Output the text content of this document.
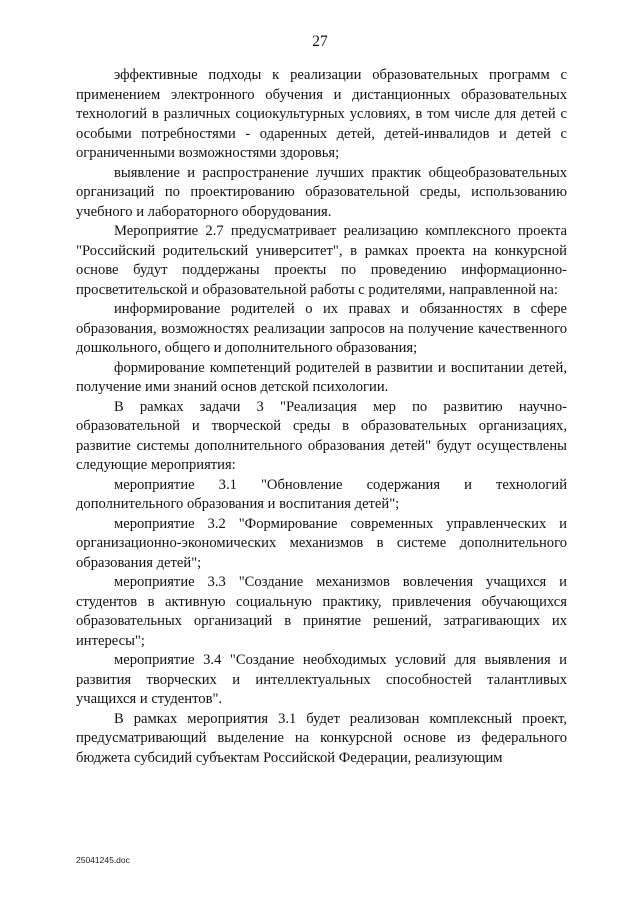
27

эффективные подходы к реализации образовательных программ с применением электронного обучения и дистанционных образовательных технологий в различных социокультурных условиях, в том числе для детей с особыми потребностями - одаренных детей, детей-инвалидов и детей с ограниченными возможностями здоровья;

выявление и распространение лучших практик общеобразовательных организаций по проектированию образовательной среды, использованию учебного и лабораторного оборудования.

Мероприятие 2.7 предусматривает реализацию комплексного проекта "Российский родительский университет", в рамках проекта на конкурсной основе будут поддержаны проекты по проведению информационно-просветительской и образовательной работы с родителями, направленной на:

информирование родителей о их правах и обязанностях в сфере образования, возможностях реализации запросов на получение качественного дошкольного, общего и дополнительного образования;

формирование компетенций родителей в развитии и воспитании детей, получение ими знаний основ детской психологии.

В рамках задачи 3 "Реализация мер по развитию научно-образовательной и творческой среды в образовательных организациях, развитие системы дополнительного образования детей" будут осуществлены следующие мероприятия:

мероприятие 3.1 "Обновление содержания и технологий дополнительного образования и воспитания детей";

мероприятие 3.2 "Формирование современных управленческих и организационно-экономических механизмов в системе дополнительного образования детей";

мероприятие 3.3 "Создание механизмов вовлечения учащихся и студентов в активную социальную практику, привлечения обучающихся образовательных организаций в принятие решений, затрагивающих их интересы";

мероприятие 3.4 "Создание необходимых условий для выявления и развития творческих и интеллектуальных способностей талантливых учащихся и студентов".

В рамках мероприятия 3.1 будет реализован комплексный проект, предусматривающий выделение на конкурсной основе из федерального бюджета субсидий субъектам Российской Федерации, реализующим

25041245.doc
